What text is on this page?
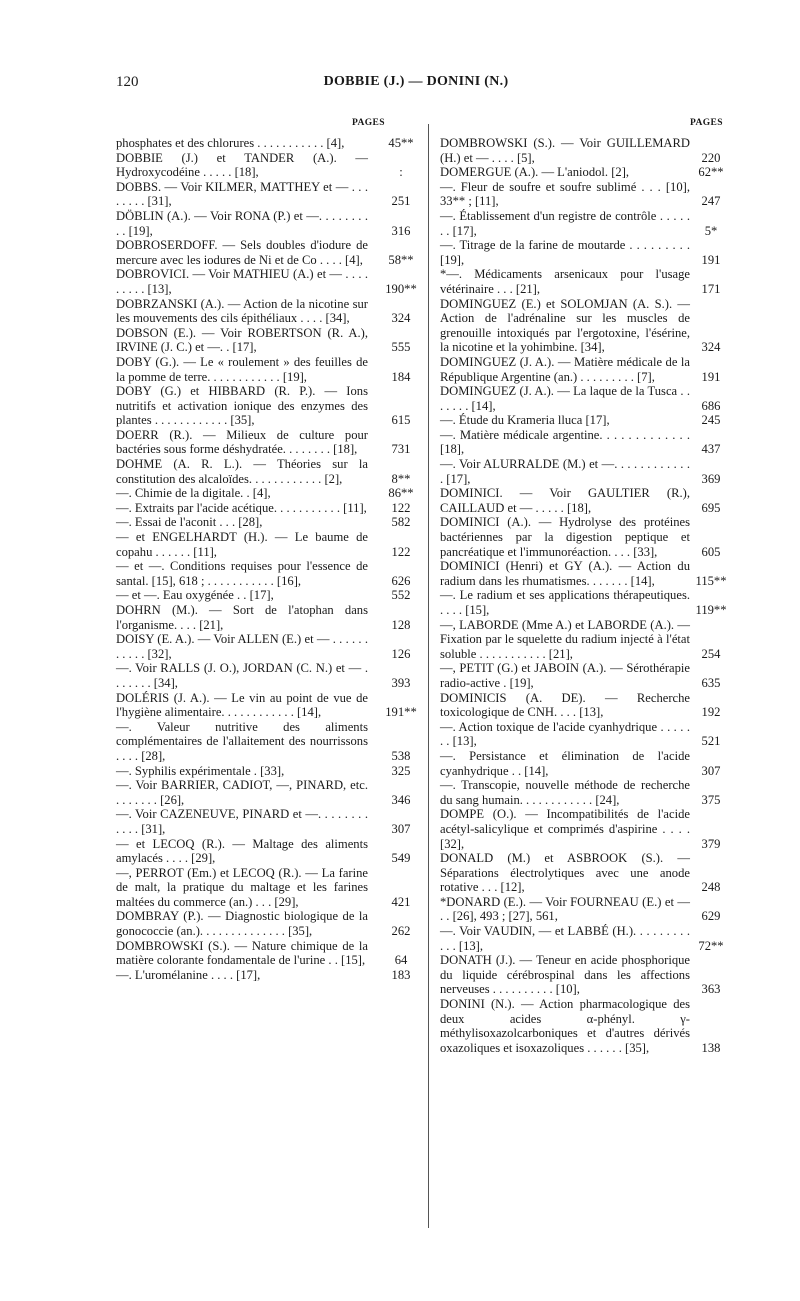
120	DOBBIE (J.) — DONINI (N.)
PAGES	PAGES
phosphates et des chlorures . . . . . . . . . . . [4],	45**
DOBBIE (J.) et TANDER (A.). — Hydroxycodéine . . . . . [18],	:
DOBBS. — Voir KILMER, MATTHEY et — . . . . . . . . [31],	251
DÖBLIN (A.). — Voir RONA (P.) et —. . . . . . . . . . [19],	316
DOBROSERDOFF. — Sels doubles d'iodure de mercure avec les iodures de Ni et de Co . . . . [4],	58**
DOBROVICI. — Voir MATHIEU (A.) et — . . . . . . . . . [13],	190**
DOBRZANSKI (A.). — Action de la nicotine sur les mouvements des cils épithéliaux . . . . [34],	324
DOBSON (E.). — Voir ROBERTSON (R. A.), IRVINE (J. C.) et —. . [17],	555
DOBY (G.). — Le « roulement » des feuilles de la pomme de terre. . . . . . . . . . . . [19],	184
DOBY (G.) et HIBBARD (R. P.). — Ions nutritifs et activation ionique des enzymes des plantes . . . . . . . . . . . . [35],	615
DOERR (R.). — Milieux de culture pour bactéries sous forme déshydratée. . . . . . . . [18],	731
DOHME (A. R. L.). — Théories sur la constitution des alcaloïdes. . . . . . . . . . . . [2],	8**
—. Chimie de la digitale. . [4],	86**
—. Extraits par l'acide acétique. . . . . . . . . . . [11],	122
—. Essai de l'aconit . . . [28],	582
— et ENGELHARDT (H.). — Le baume de copahu . . . . . . [11],	122
— et —. Conditions requises pour l'essence de santal. [15], 618 ; . . . . . . . . . . . [16],	626
— et —. Eau oxygénée . . [17],	552
DOHRN (M.). — Sort de l'atophan dans l'organisme. . . . [21],	128
DOISY (E. A.). — Voir ALLEN (E.) et — . . . . . . . . . . . [32],	126
—. Voir RALLS (J. O.), JORDAN (C. N.) et — . . . . . . . [34],	393
DOLÉRIS (J. A.). — Le vin au point de vue de l'hygiène alimentaire. . . . . . . . . . . . [14],	191**
—. Valeur nutritive des aliments complémentaires de l'allaitement des nourrissons . . . . [28],	538
—. Syphilis expérimentale . [33],	325
—. Voir BARRIER, CADIOT, —, PINARD, etc. . . . . . . . [26],	346
—. Voir CAZENEUVE, PINARD et —. . . . . . . . . . . . [31],	307
— et LECOQ (R.). — Maltage des aliments amylacés . . . . [29],	549
—, PERROT (Em.) et LECOQ (R.). — La farine de malt, la pratique du maltage et les farines maltées du commerce (an.) . . . [29],	421
DOMBRAY (P.). — Diagnostic biologique de la gonococcie (an.). . . . . . . . . . . . . . [35],	262
DOMBROWSKI (S.). — Nature chimique de la matière colorante fondamentale de l'urine . . [15],	64
—. L'uromélanine . . . . [17],	183
DOMBROWSKI (S.). — Voir GUILLEMARD (H.) et — . . . . [5],	220
DOMERGUE (A.). — L'aniodol. [2],	62**
—. Fleur de soufre et soufre sublimé . . . [10], 33** ; [11],	247
—. Établissement d'un registre de contrôle . . . . . . . [17],	5*
—. Titrage de la farine de moutarde . . . . . . . . . [19],	191
*—. Médicaments arsenicaux pour l'usage vétérinaire . . . [21],	171
DOMINGUEZ (E.) et SOLOMJAN (A. S.). — Action de l'adrénaline sur les muscles de grenouille intoxiqués par l'ergotoxine, l'ésérine, la nicotine et la yohimbine. [34],	324
DOMINGUEZ (J. A.). — Matière médicale de la République Argentine (an.) . . . . . . . . . [7],	191
DOMINGUEZ (J. A.). — La laque de la Tusca . . . . . . . [14],	686
—. Étude du Krameria lluca [17],	245
—. Matière médicale argentine. . . . . . . . . . . . . [18],	437
—. Voir ALURRALDE (M.) et —. . . . . . . . . . . . . [17],	369
DOMINICI. — Voir GAULTIER (R.), CAILLAUD et — . . . . . [18],	695
DOMINICI (A.). — Hydrolyse des protéines bactériennes par la digestion peptique et pancréatique et l'immunoréaction. . . . [33],	605
DOMINICI (Henri) et GY (A.). — Action du radium dans les rhumatismes. . . . . . . [14],	115**
—. Le radium et ses applications thérapeutiques. . . . . [15],	119**
—, LABORDE (Mme A.) et LABORDE (A.). — Fixation par le squelette du radium injecté à l'état soluble . . . . . . . . . . . [21],	254
—, PETIT (G.) et JABOIN (A.). — Sérothérapie radio-active . [19],	635
DOMINICIS (A. DE). — Recherche toxicologique de CNH. . . . [13],	192
—. Action toxique de l'acide cyanhydrique . . . . . . . [13],	521
—. Persistance et élimination de l'acide cyanhydrique . . [14],	307
—. Transcopie, nouvelle méthode de recherche du sang humain. . . . . . . . . . . . [24],	375
DOMPE (O.). — Incompatibilités de l'acide acétyl-salicylique et comprimés d'aspirine . . . . [32],	379
DONALD (M.) et ASBROOK (S.). — Séparations électrolytiques avec une anode rotative . . . [12],	248
*DONARD (E.). — Voir FOURNEAU (E.) et — . . [26], 493 ; [27], 561,	629
—. Voir VAUDIN, — et LABBÉ (H.). . . . . . . . . . . . [13],	72**
DONATH (J.). — Teneur en acide phosphorique du liquide cérébrospinal dans les affections nerveuses . . . . . . . . . . [10],	363
DONINI (N.). — Action pharmacologique des deux acides α-phényl. γ-méthylisoxazolcarboniques et d'autres dérivés oxazoliques et isoxazoliques . . . . . . [35],	138
